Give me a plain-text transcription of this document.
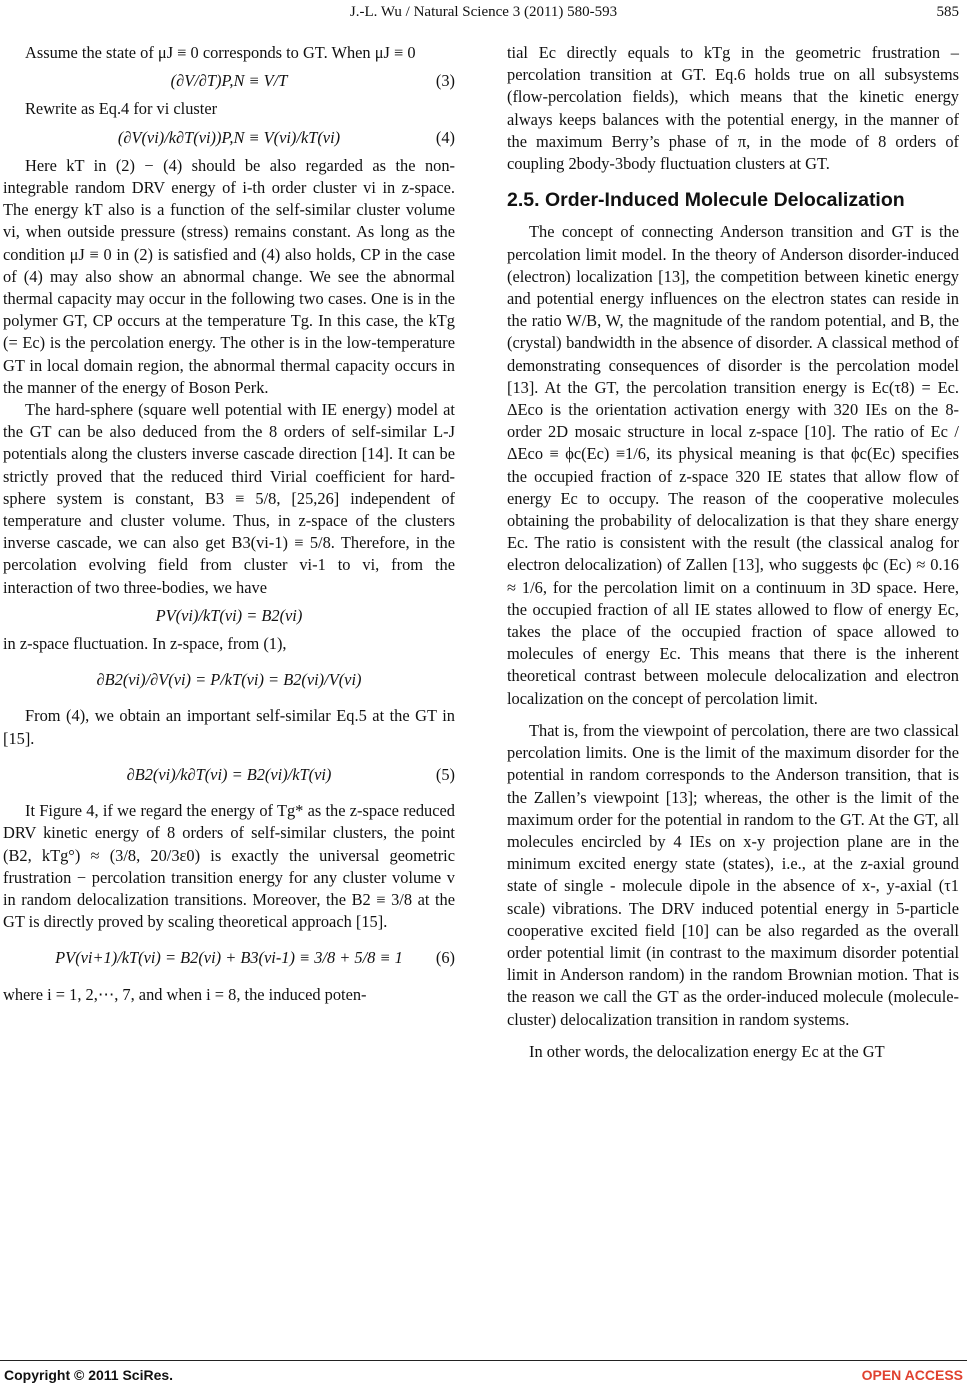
J.-L. Wu / Natural Science 3 (2011) 580-593	585

Assume the state of μJ ≡ 0 corresponds to GT. When μJ ≡ 0

(∂V/∂T)P,N ≡ V/T	(3)

Rewrite as Eq.4 for vi cluster

(∂V(vi)/k∂T(vi))P,N ≡ V(vi)/kT(vi)	(4)

Here kT in (2) − (4) should be also regarded as the non-integrable random DRV energy of i-th order cluster vi in z-space. The energy kT also is a function of the self-similar cluster volume vi, when outside pressure (stress) remains constant. As long as the condition μJ ≡ 0 in (2) is satisfied and (4) also holds, CP in the case of (4) may also show an abnormal change. We see the abnormal thermal capacity may occur in the following two cases. One is in the polymer GT, CP occurs at the temperature Tg. In this case, the kTg (= Ec) is the percolation energy. The other is in the low-temperature GT in local domain region, the abnormal thermal capacity occurs in the manner of the energy of Boson Perk.

The hard-sphere (square well potential with IE energy) model at the GT can be also deduced from the 8 orders of self-similar L-J potentials along the clusters inverse cascade direction [14]. It can be strictly proved that the reduced third Virial coefficient for hard-sphere system is constant, B3 ≡ 5/8, [25,26] independent of temperature and cluster volume. Thus, in z-space of the clusters inverse cascade, we can also get B3(vi-1) ≡ 5/8. Therefore, in the percolation evolving field from cluster vi-1 to vi, from the interaction of two three-bodies, we have

PV(vi)/kT(vi) = B2(vi)

in z-space fluctuation. In z-space, from (1),

∂B2(vi)/∂V(vi) = P/kT(vi) = B2(vi)/V(vi)

From (4), we obtain an important self-similar Eq.5 at the GT in [15].

∂B2(vi)/k∂T(vi) = B2(vi)/kT(vi)	(5)

It Figure 4, if we regard the energy of Tg* as the z-space reduced DRV kinetic energy of 8 orders of self-similar clusters, the point (B2, kTg°) ≈ (3/8, 20/3ε0) is exactly the universal geometric frustration − percolation transition energy for any cluster volume v in random delocalization transitions. Moreover, the B2 ≡ 3/8 at the GT is directly proved by scaling theoretical approach [15].

PV(vi+1)/kT(vi) = B2(vi) + B3(vi-1) ≡ 3/8 + 5/8 ≡ 1 (6)

where i = 1, 2,⋯, 7, and when i = 8, the induced poten-

tial Ec directly equals to kTg in the geometric frustration – percolation transition at GT. Eq.6 holds true on all subsystems (flow-percolation fields), which means that the kinetic energy always keeps balances with the potential energy, in the manner of the maximum Berry’s phase of π, in the mode of 8 orders of coupling 2body-3body fluctuation clusters at GT.

2.5. Order-Induced Molecule Delocalization

The concept of connecting Anderson transition and GT is the percolation limit model. In the theory of Anderson disorder-induced (electron) localization [13], the competition between kinetic energy and potential energy influences on the electron states can reside in the ratio W/B, W, the magnitude of the random potential, and B, the (crystal) bandwidth in the absence of disorder. A classical method of demonstrating consequences of disorder is the percolation model [13]. At the GT, the percolation transition energy is Ec(τ8) = Ec. ΔEco is the orientation activation energy with 320 IEs on the 8-order 2D mosaic structure in local z-space [10]. The ratio of Ec /ΔEco ≡ ϕc(Ec) ≡1/6, its physical meaning is that ϕc(Ec) specifies the occupied fraction of z-space 320 IE states that allow flow of energy Ec to occupy. The reason of the cooperative molecules obtaining the probability of delocalization is that they share energy Ec. The ratio is consistent with the result (the classical analog for electron delocalization) of Zallen [13], who suggests ϕc (Ec) ≈ 0.16 ≈ 1/6, for the percolation limit on a continuum in 3D space. Here, the occupied fraction of all IE states allowed to flow of energy Ec, takes the place of the occupied fraction of space allowed to molecules of energy Ec. This means that there is the inherent theoretical contrast between molecule delocalization and electron localization on the concept of percolation limit.

That is, from the viewpoint of percolation, there are two classical percolation limits. One is the limit of the maximum disorder for the potential in random corresponds to the Anderson transition, that is the Zallen’s viewpoint [13]; whereas, the other is the limit of the maximum order for the potential in random to the GT. At the GT, all molecules encircled by 4 IEs on x-y projection plane are in the minimum excited energy state (states), i.e., at the z-axial ground state of single - molecule dipole in the absence of x-, y-axial (τ1 scale) vibrations. The DRV induced potential energy in 5-particle cooperative excited field [10] can be also regarded as the overall order potential limit (in contrast to the maximum disorder potential limit in Anderson random) in the random Brownian motion. That is the reason we call the GT as the order-induced molecule (molecule-cluster) delocalization transition in random systems.

In other words, the delocalization energy Ec at the GT

Copyright © 2011 SciRes.	OPEN ACCESS
